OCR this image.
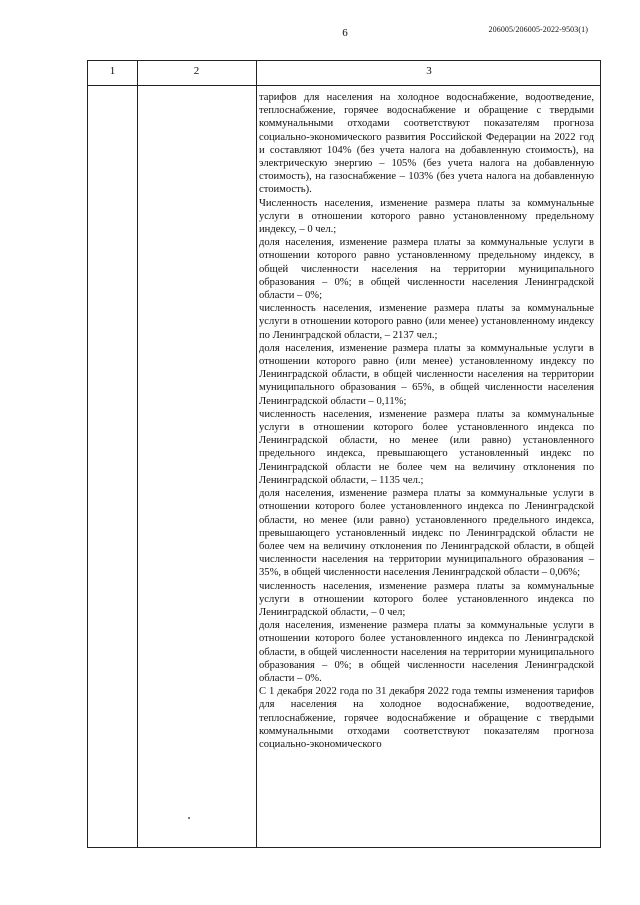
6	206005/206005-2022-9503(1)
1	2	3

тарифов для населения на холодное водоснабжение, водоотведение, теплоснабжение, горячее водоснабжение и обращение с твердыми коммунальными отходами соответствуют показателям прогноза социально-экономического развития Российской Федерации на 2022 год и составляют 104% (без учета налога на добавленную стоимость), на электрическую энергию – 105% (без учета налога на добавленную стоимость), на газоснабжение – 103% (без учета налога на добавленную стоимость).

Численность населения, изменение размера платы за коммунальные услуги в отношении которого равно установленному предельному индексу, – 0 чел.;

доля населения, изменение размера платы за коммунальные услуги в отношении которого равно установленному предельному индексу, в общей численности населения на территории муниципального образования – 0%; в общей численности населения Ленинградской области – 0%;

численность населения, изменение размера платы за коммунальные услуги в отношении которого равно (или менее) установленному индексу по Ленинградской области, – 2137 чел.;

доля населения, изменение размера платы за коммунальные услуги в отношении которого равно (или менее) установленному индексу по Ленинградской области, в общей численности населения на территории муниципального образования – 65%, в общей численности населения Ленинградской области – 0,11%;

численность населения, изменение размера платы за коммунальные услуги в отношении которого более установленного индекса по Ленинградской области, но менее (или равно) установленного предельного индекса, превышающего установленный индекс по Ленинградской области не более чем на величину отклонения по Ленинградской области, – 1135 чел.;

доля населения, изменение размера платы за коммунальные услуги в отношении которого более установленного индекса по Ленинградской области, но менее (или равно) установленного предельного индекса, превышающего установленный индекс по Ленинградской области не более чем на величину отклонения по Ленинградской области, в общей численности населения на территории муниципального образования – 35%, в общей численности населения Ленинградской области – 0,06%;

численность населения, изменение размера платы за коммунальные услуги в отношении которого более установленного индекса по Ленинградской области, – 0 чел;

доля населения, изменение размера платы за коммунальные услуги в отношении которого более установленного индекса по Ленинградской области, в общей численности населения на территории муниципального образования – 0%; в общей численности населения Ленинградской области – 0%.

С 1 декабря 2022 года по 31 декабря 2022 года темпы изменения тарифов для населения на холодное водоснабжение, водоотведение, теплоснабжение, горячее водоснабжение и обращение с твердыми коммунальными отходами соответствуют показателям прогноза социально-экономического
